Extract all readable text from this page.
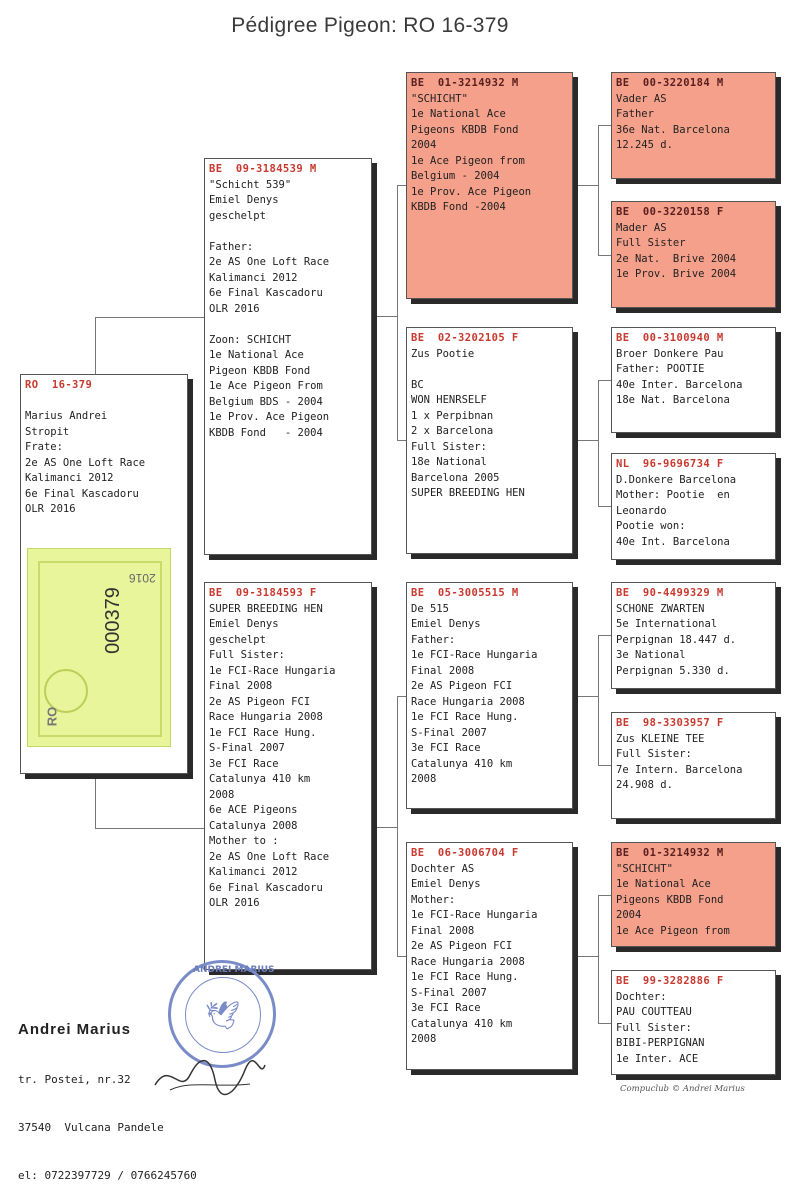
Pédigree Pigeon: RO 16-379
RO  16-379
Marius Andrei
Stropit
Frate:
2e AS One Loft Race
Kalimanci 2012
6e Final Kascadoru
OLR 2016
BE  09-3184539 M
"Schicht 539"
Emiel Denys
geschelpt
Father:
2e AS One Loft Race
Kalimanci 2012
6e Final Kascadoru
OLR 2016
Zoon: SCHICHT
1e National Ace
Pigeon KBDB Fond
1e Ace Pigeon From
Belgium BDS - 2004
1e Prov. Ace Pigeon
KBDB Fond   - 2004
BE  09-3184593 F
SUPER BREEDING HEN
Emiel Denys
geschelpt
Full Sister:
1e FCI-Race Hungaria
Final 2008
2e AS Pigeon FCI
Race Hungaria 2008
1e FCI Race Hung.
S-Final 2007
3e FCI Race
Catalunya 410 km
2008
6e ACE Pigeons
Catalunya 2008
Mother to :
2e AS One Loft Race
Kalimanci 2012
6e Final Kascadoru
OLR 2016
BE  01-3214932 M
"SCHICHT"
1e National Ace
Pigeons KBDB Fond
2004
1e Ace Pigeon from
Belgium - 2004
1e Prov. Ace Pigeon
KBDB Fond -2004
BE  02-3202105 F
Zus Pootie
BC
WON HENRSELF
1 x Perpibnan
2 x Barcelona
Full Sister:
18e National
Barcelona 2005
SUPER BREEDING HEN
BE  05-3005515 M
De 515
Emiel Denys
Father:
1e FCI-Race Hungaria
Final 2008
2e AS Pigeon FCI
Race Hungaria 2008
1e FCI Race Hung.
S-Final 2007
3e FCI Race
Catalunya 410 km
2008
BE  06-3006704 F
Dochter AS
Emiel Denys
Mother:
1e FCI-Race Hungaria
Final 2008
2e AS Pigeon FCI
Race Hungaria 2008
1e FCI Race Hung.
S-Final 2007
3e FCI Race
Catalunya 410 km
2008
BE  00-3220184 M
Vader AS
Father
36e Nat. Barcelona
12.245 d.
BE  00-3220158 F
Mader AS
Full Sister
2e Nat.  Brive 2004
1e Prov. Brive 2004
BE  00-3100940 M
Broer Donkere Pau
Father: POOTIE
40e Inter. Barcelona
18e Nat. Barcelona
NL  96-9696734 F
D.Donkere Barcelona
Mother: Pootie  en
Leonardo
Pootie won:
40e Int. Barcelona
BE  90-4499329 M
SCHONE ZWARTEN
5e International
Perpignan 18.447 d.
3e National
Perpignan 5.330 d.
BE  98-3303957 F
Zus KLEINE TEE
Full Sister:
7e Intern. Barcelona
24.908 d.
BE  01-3214932 M
"SCHICHT"
1e National Ace
Pigeons KBDB Fond
2004
1e Ace Pigeon from
BE  99-3282886 F
Dochter:
PAU COUTTEAU
Full Sister:
BIBI-PERPIGNAN
1e Inter. ACE
2016
000379
RO

Andrei Marius

tr. Postei, nr.32

37540  Vulcana Pandele

el: 0722397729 / 0766245760

ANDREI MARIUS
🕊
Compuclub © Andrei Marius
